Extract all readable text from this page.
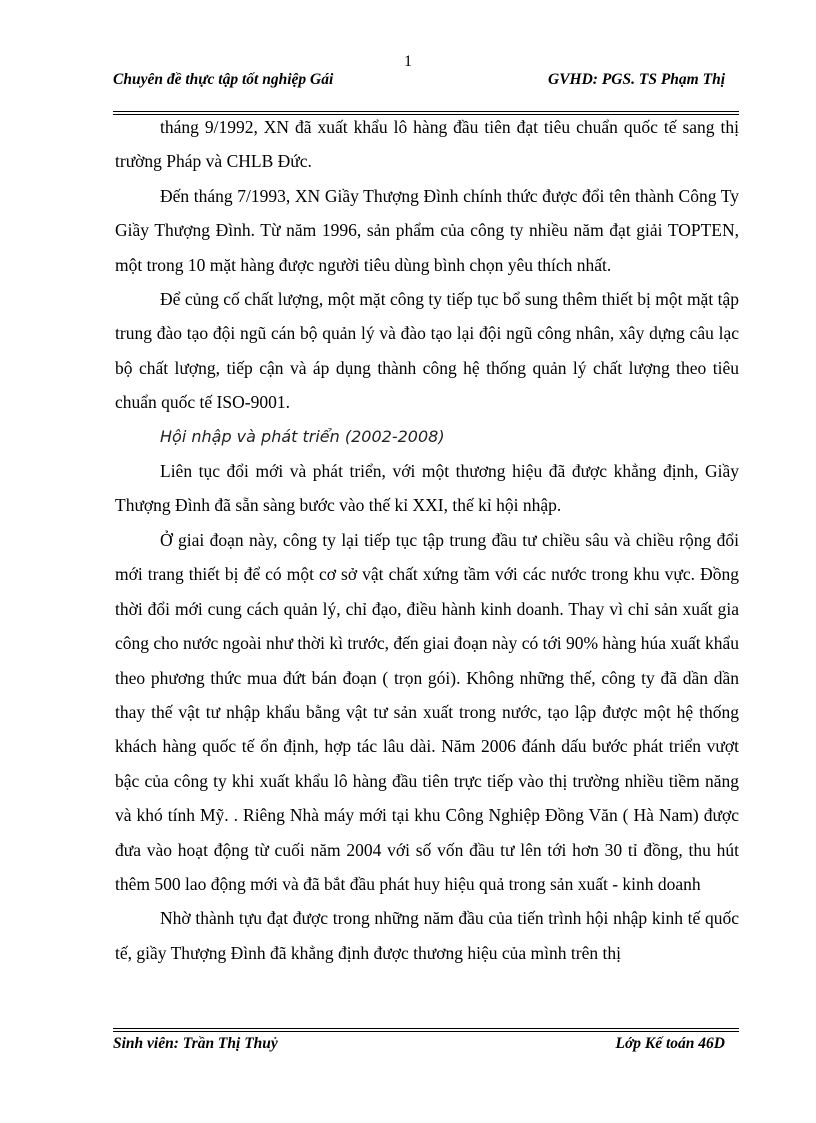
1
Chuyên đề thực tập tốt nghiệp Gái	GVHD: PGS. TS Phạm Thị

tháng 9/1992, XN đã xuất khẩu lô hàng đầu tiên đạt tiêu chuẩn quốc tế sang thị trường Pháp và CHLB Đức.

Đến tháng 7/1993, XN Giầy Thượng Đình chính thức được đổi tên thành Công Ty Giầy Thượng Đình. Từ năm 1996, sản phẩm của công ty nhiều năm đạt giải TOPTEN, một trong 10 mặt hàng được người tiêu dùng bình chọn yêu thích nhất.

Để củng cố chất lượng, một mặt công ty tiếp tục bổ sung thêm thiết bị một mặt tập trung đào tạo đội ngũ cán bộ quản lý và đào tạo lại đội ngũ công nhân, xây dựng câu lạc bộ chất lượng, tiếp cận và áp dụng thành công hệ thống quản lý chất lượng theo tiêu chuẩn quốc tế ISO-9001.

Hội nhập và phát triển (2002-2008)

Liên tục đổi mới và phát triển, với một thương hiệu đã được khẳng định, Giầy Thượng Đình đã sẵn sàng bước vào thế kỉ XXI, thế kỉ hội nhập.

Ở giai đoạn này, công ty lại tiếp tục tập trung đầu tư chiều sâu và chiều rộng đổi mới trang thiết bị để có một cơ sở vật chất xứng tầm với các nước trong khu vực. Đồng thời đổi mới cung cách quản lý, chỉ đạo, điều hành kinh doanh. Thay vì chỉ sản xuất gia công cho nước ngoài như thời kì trước, đến giai đoạn này có tới 90% hàng húa xuất khẩu theo phương thức mua đứt bán đoạn ( trọn gói). Không những thế, công ty đã dần dần thay thế vật tư nhập khẩu bằng vật tư sản xuất trong nước, tạo lập được một hệ thống khách hàng quốc tế ổn định, hợp tác lâu dài. Năm 2006 đánh dấu bước phát triển vượt bậc của công ty khi xuất khẩu lô hàng đầu tiên trực tiếp vào thị trường nhiều tiềm năng và khó tính Mỹ. . Riêng Nhà máy mới tại khu Công Nghiệp Đồng Văn ( Hà Nam) được đưa vào hoạt động từ cuối năm 2004 với số vốn đầu tư lên tới hơn 30 tỉ đồng, thu hút thêm 500 lao động mới và đã bắt đầu phát huy hiệu quả trong sản xuất - kinh doanh

Nhờ thành tựu đạt được trong những năm đầu của tiến trình hội nhập kinh tế quốc tế, giầy Thượng Đình đã khẳng định được thương hiệu của mình trên thị

Sinh viên: Trần Thị Thuỷ	Lớp Kế toán 46D
